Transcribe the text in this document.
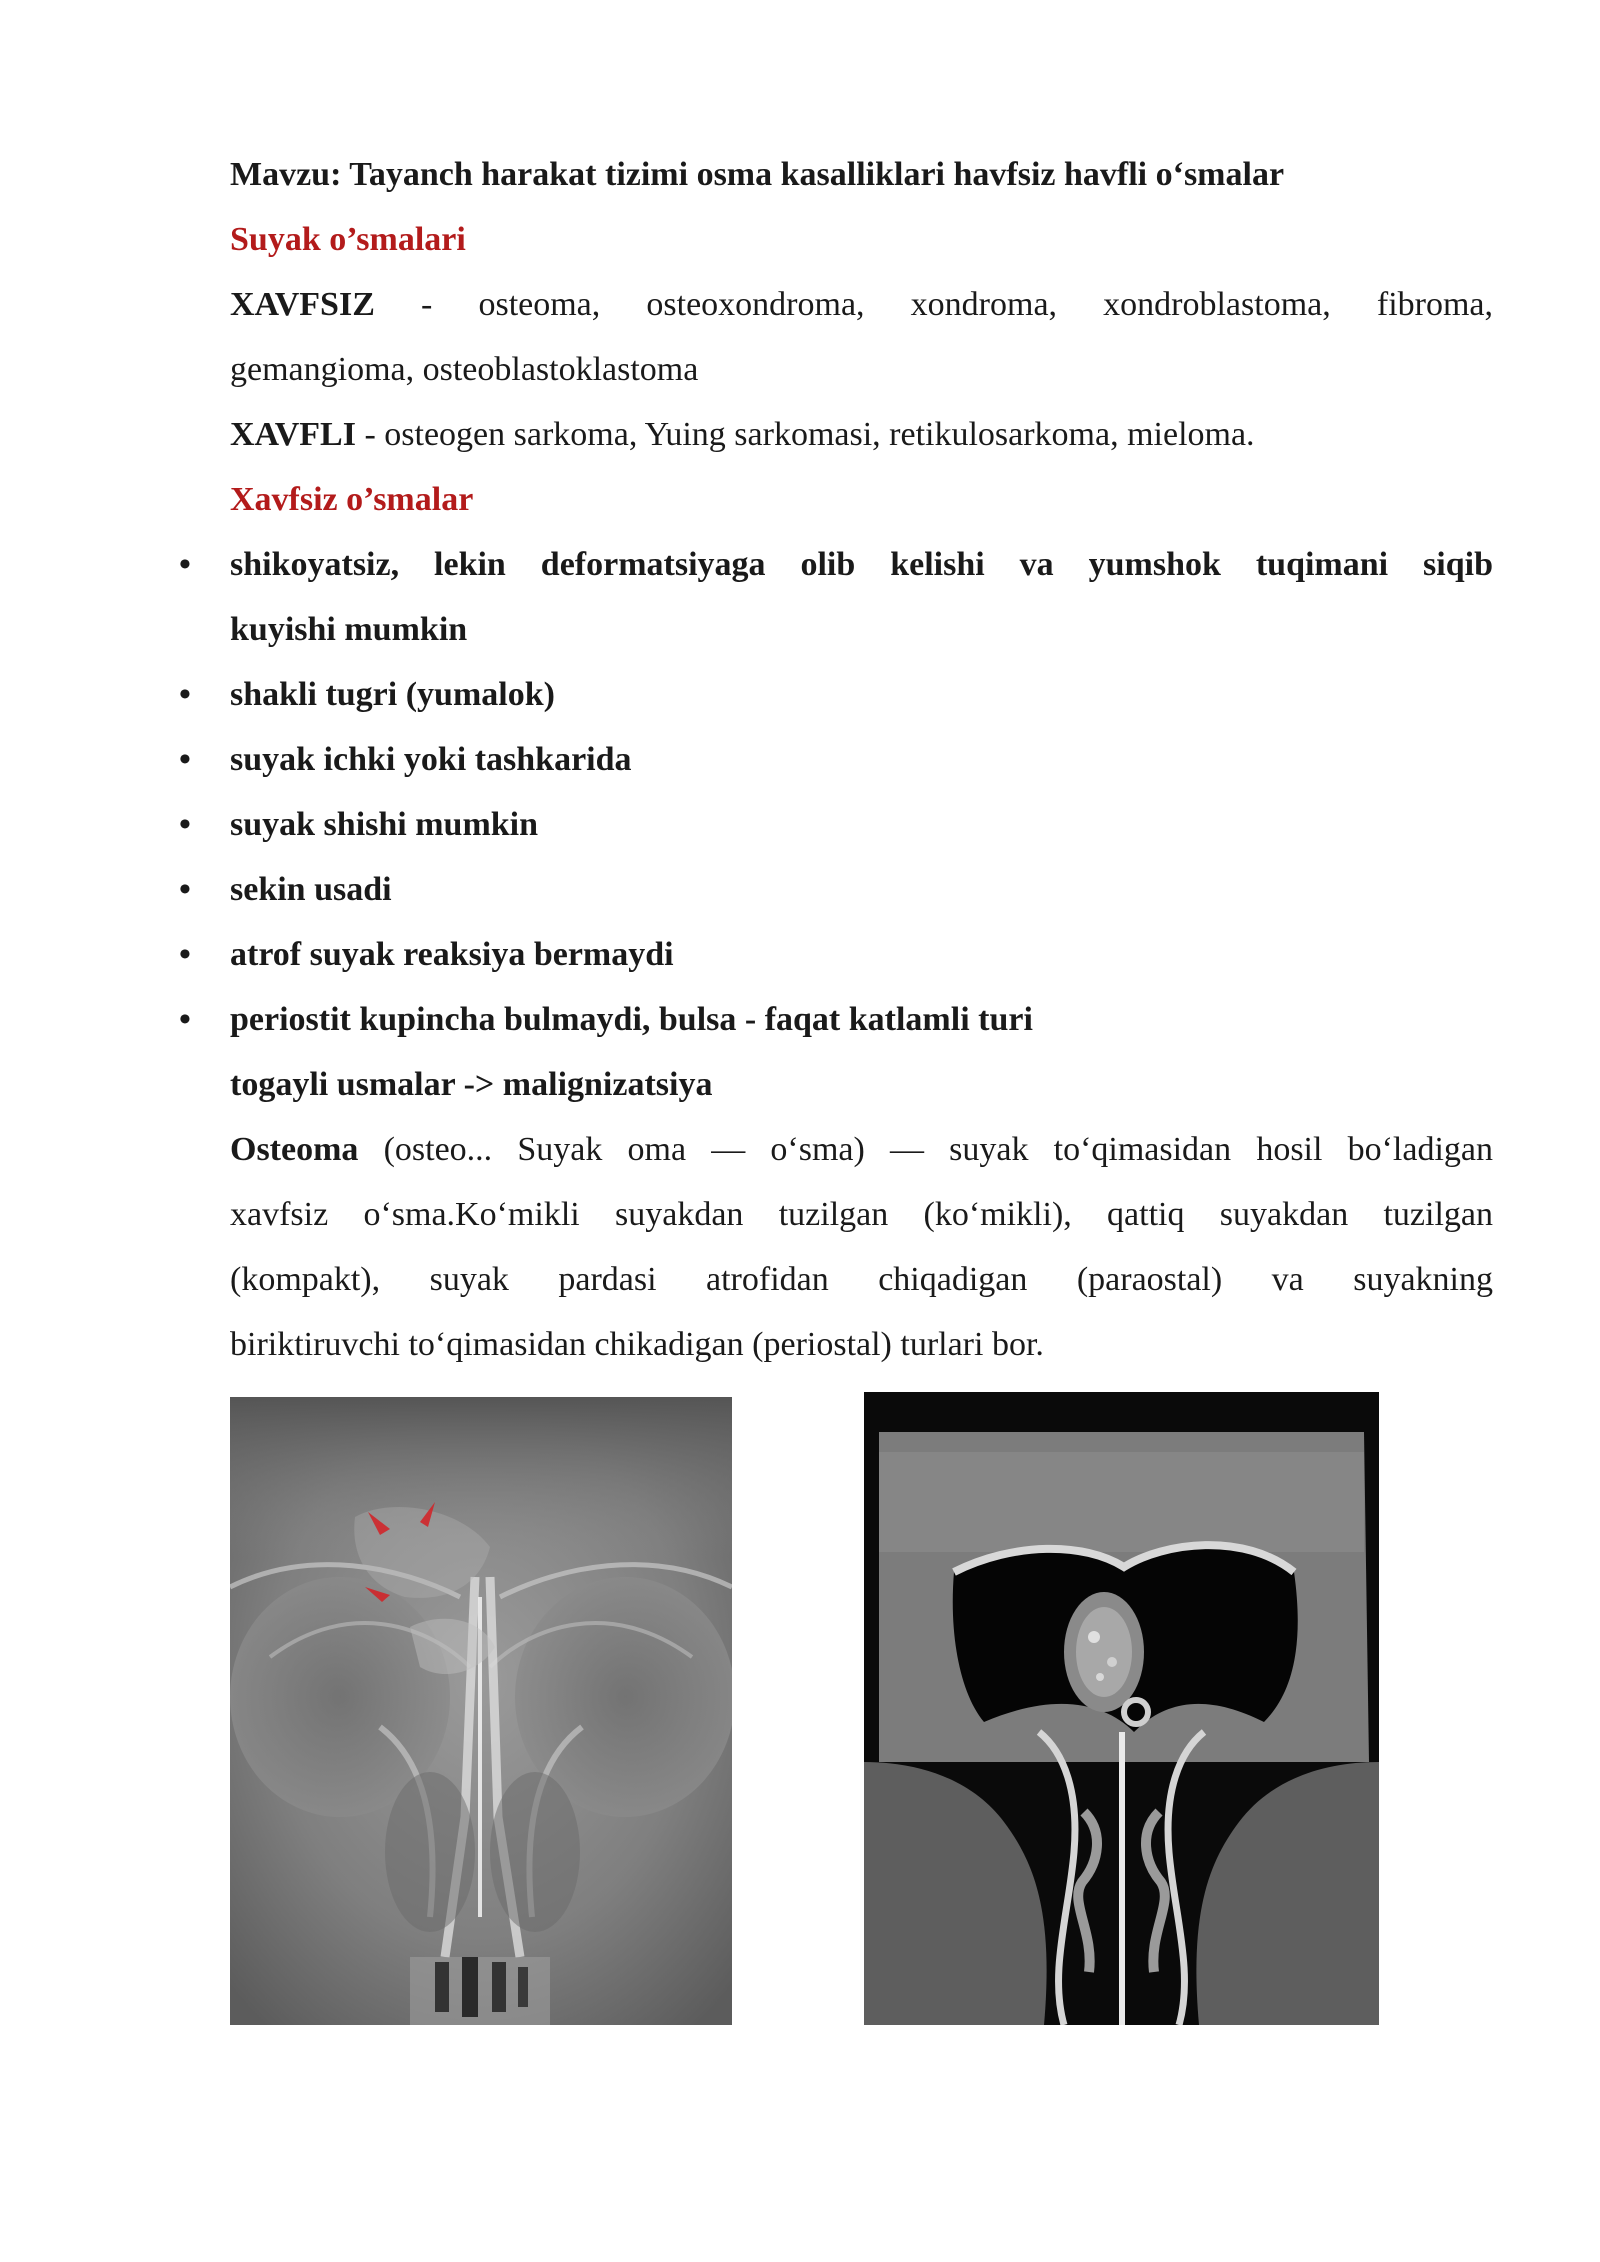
Mavzu: Tayanch harakat tizimi osma kasalliklari havfsiz havfli o‘smalar
Suyak o’smalari
XAVFSIZ - osteoma, osteoxondroma, xondroma, xondroblastoma, fibroma,
gemangioma, osteoblastoklastoma
XAVFLI - osteogen sarkoma, Yuing sarkomasi, retikulosarkoma, mieloma.
Xavfsiz o’smalar
• shikoyatsiz, lekin deformatsiyaga olib kelishi va yumshok tuqimani siqib
kuyishi mumkin
• shakli tugri (yumalok)
• suyak ichki yoki tashkarida
• suyak shishi mumkin
• sekin usadi
• atrof suyak reaksiya bermaydi
• periostit kupincha bulmaydi, bulsa - faqat katlamli turi
togayli usmalar -> malignizatsiya
Osteoma (osteo... Suyak oma — o‘sma) — suyak to‘qimasidan hosil bo‘ladigan
xavfsiz o‘sma.Ko‘mikli suyakdan tuzilgan (ko‘mikli), qattiq suyakdan tuzilgan
(kompakt), suyak pardasi atrofidan chiqadigan (paraostal) va suyakning
biriktiruvchi to‘qimasidan chikadigan (periostal) turlari bor.
